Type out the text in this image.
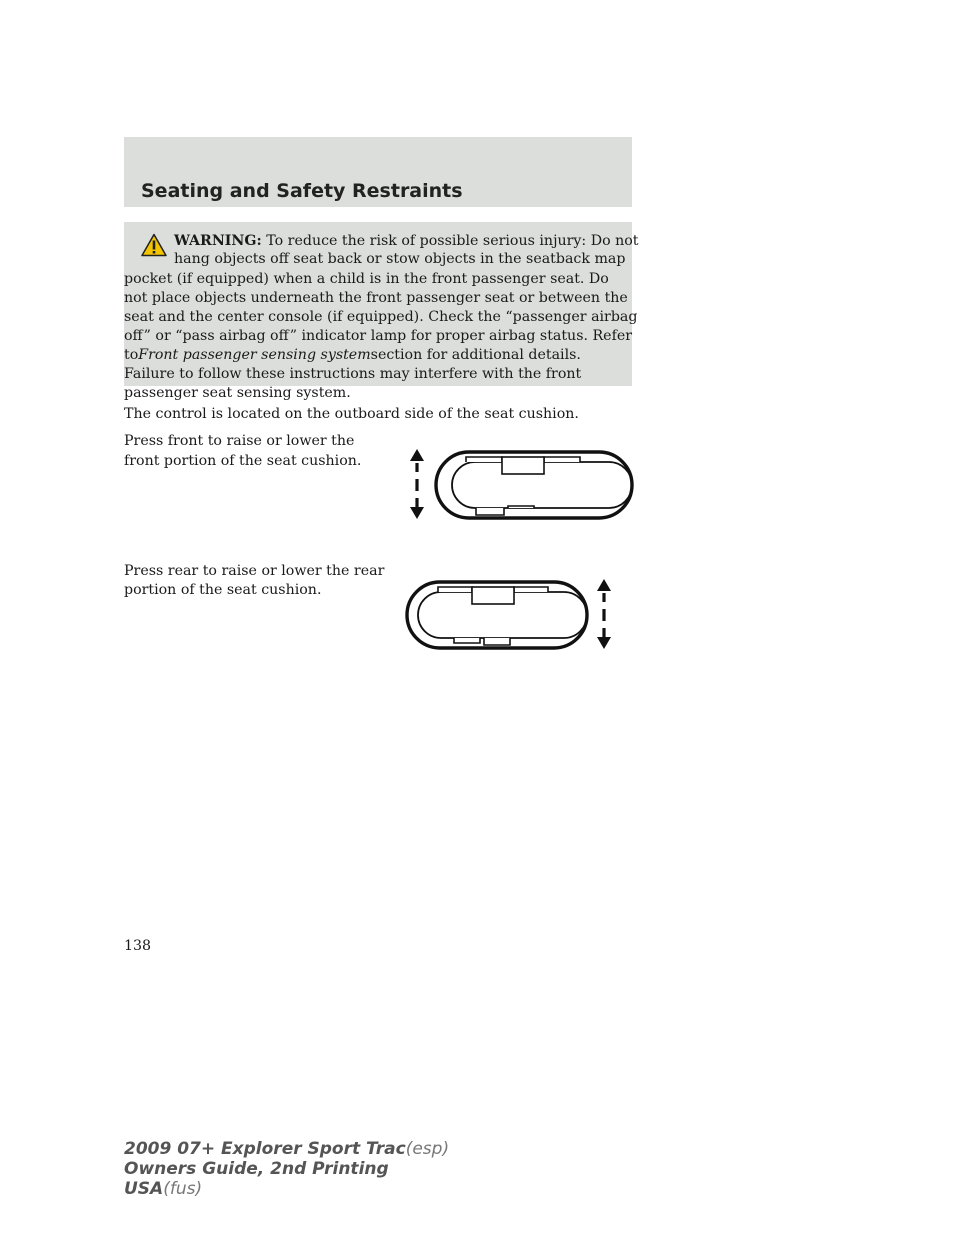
Seating and Safety Restraints
WARNING: To reduce the risk of possible serious injury: Do not
hang objects off seat back or stow objects in the seatback map
pocket (if equipped) when a child is in the front passenger seat. Do
not place objects underneath the front passenger seat or between the
seat and the center console (if equipped). Check the “passenger airbag
off” or “pass airbag off” indicator lamp for proper airbag status. Refer
toFront passenger sensing systemsection for additional details.
Failure to follow these instructions may interfere with the front
passenger seat sensing system.
The control is located on the outboard side of the seat cushion.
Press front to raise or lower the
front portion of the seat cushion.
Press rear to raise or lower the rear
portion of the seat cushion.
138
2009 07+ Explorer Sport Trac(esp)
Owners Guide, 2nd Printing
USA(fus)
